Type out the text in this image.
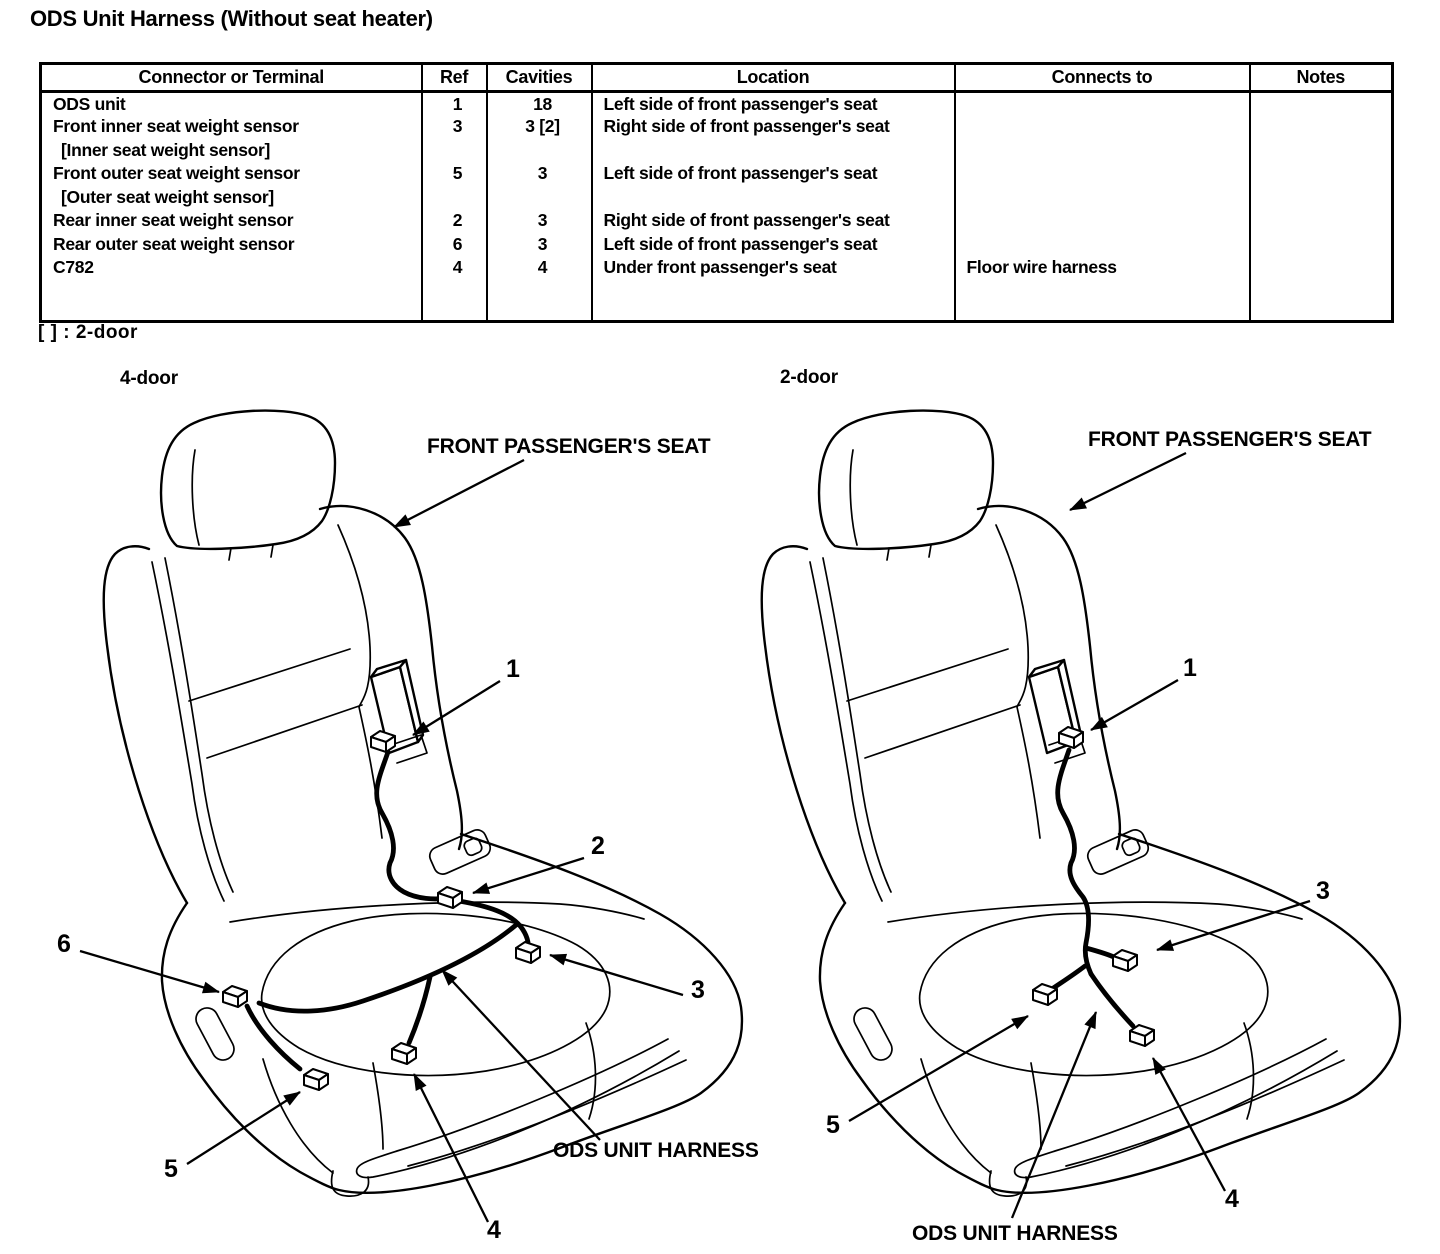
ODS Unit Harness (Without seat heater)
Connector or Terminal	Ref	Cavities	Location	Connects to	Notes
ODS unit	1	18	Left side of front passenger's seat		
Front inner seat weight sensor	3	3 [2]	Right side of front passenger's seat		
[Inner seat weight sensor]					
Front outer seat weight sensor	5	3	Left side of front passenger's seat		
[Outer seat weight sensor]					
Rear inner seat weight sensor	2	3	Right side of front passenger's seat		
Rear outer seat weight sensor	6	3	Left side of front passenger's seat		
C782	4	4	Under front passenger's seat	Floor wire harness	

[ ] : 2-door
4-door	2-door
1
2
3
6
5
4
FRONT PASSENGER'S SEAT
ODS UNIT HARNESS
1
3
5
4
FRONT PASSENGER'S SEAT
ODS UNIT HARNESS
